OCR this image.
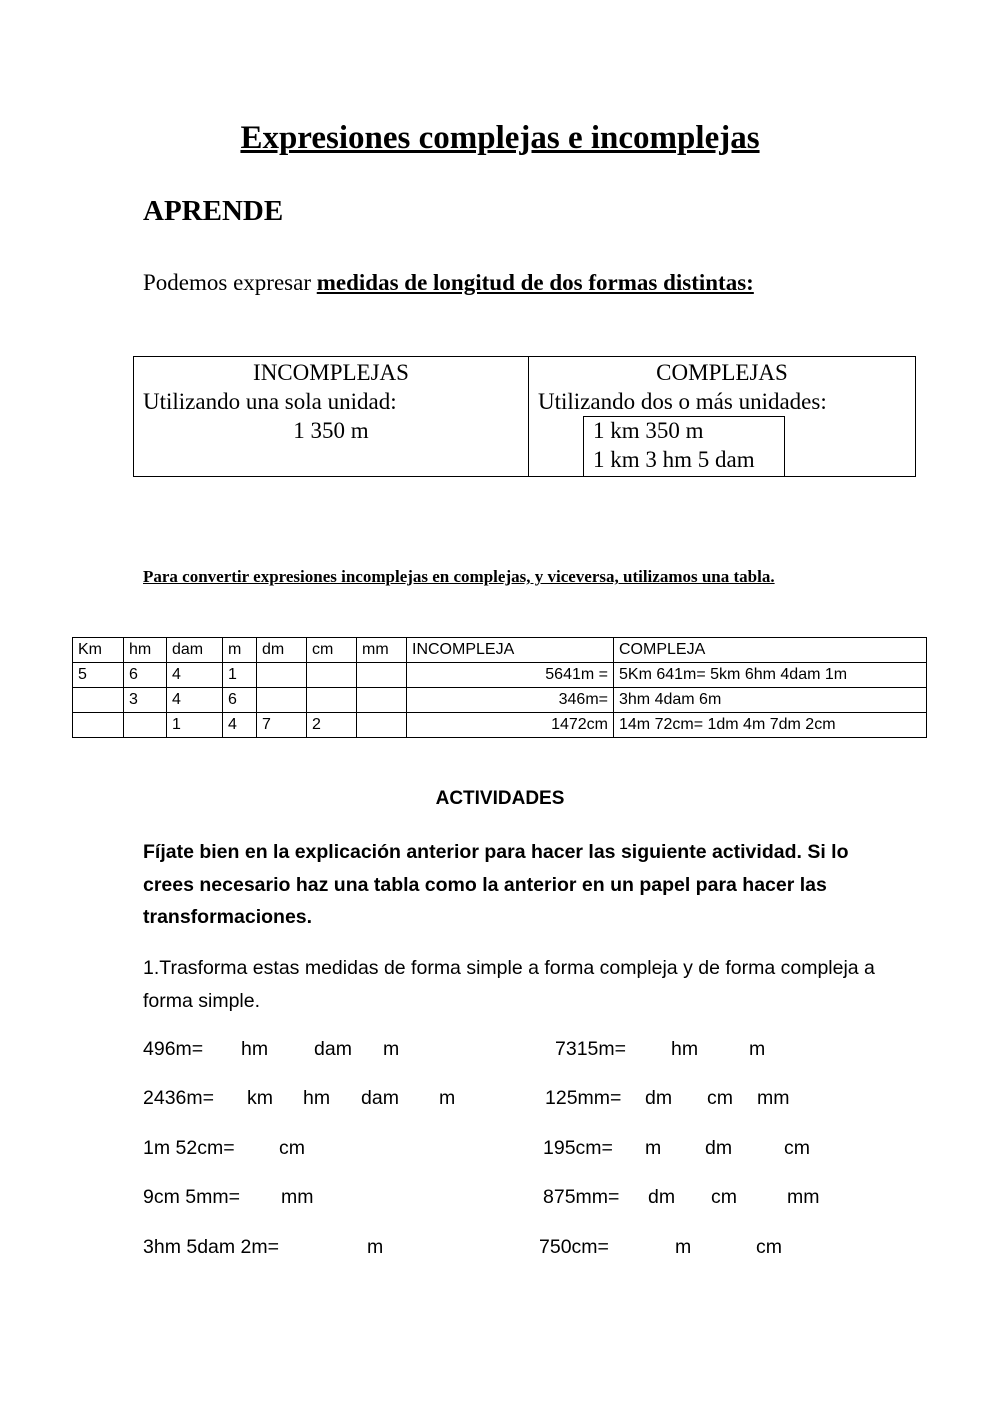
Expresiones complejas e incomplejas
APRENDE
Podemos expresar medidas de longitud de dos formas distintas:
INCOMPLEJAS
Utilizando una sola unidad:
1 350 m
COMPLEJAS
Utilizando dos o más unidades:
1 km 350 m
1 km 3 hm 5 dam
Para convertir expresiones incomplejas en complejas, y viceversa, utilizamos una tabla.
Km	hm	dam	m	dm	cm	mm	INCOMPLEJA	COMPLEJA
5	6	4	1				5641m =	5Km 641m= 5km 6hm 4dam 1m
	3	4	6				346m=	3hm 4dam 6m
		1	4	7	2		1472cm	14m 72cm= 1dm 4m 7dm 2cm
ACTIVIDADES
Fíjate bien en la explicación anterior para hacer las siguiente actividad. Si lo crees necesario haz una tabla como la anterior en un papel para hacer las transformaciones.
1.Trasforma estas medidas de forma simple a forma compleja y de forma compleja a forma simple.
496m= hm dam m
2436m= km hm dam m
1m 52cm= cm
9cm 5mm= mm
3hm 5dam 2m=	m
7315m= hm	m
125mm= dm cm mm
195cm= m dm	cm
875mm= dm cm	mm
750cm=	m	cm
